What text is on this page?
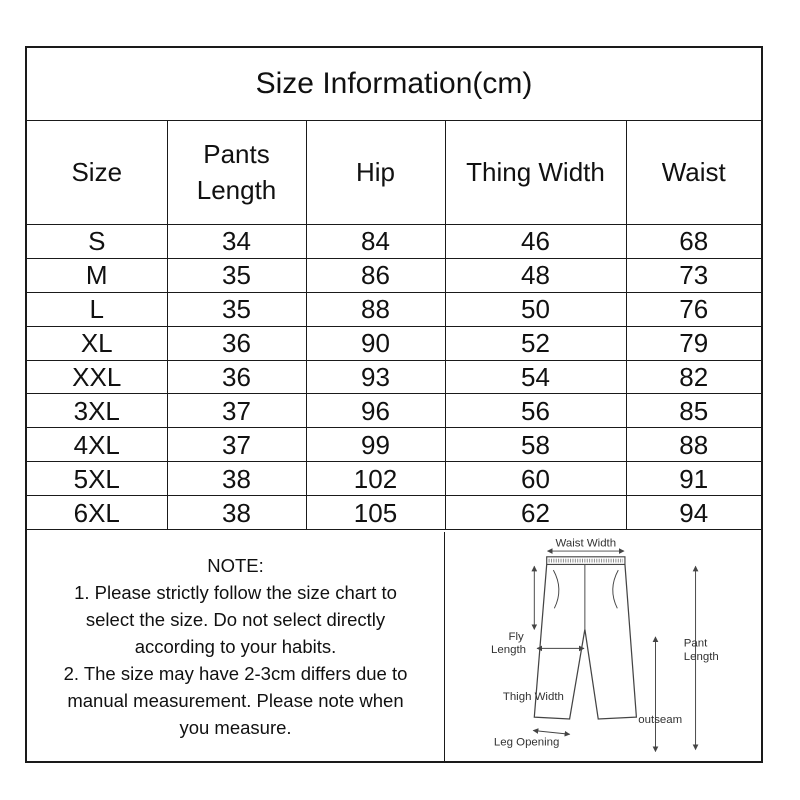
Size Information(cm)
Size	Pants Length	Hip	Thing Width	Waist
S	34	84	46	68
M	35	86	48	73
L	35	88	50	76
XL	36	90	52	79
XXL	36	93	54	82
3XL	37	96	56	85
4XL	37	99	58	88
5XL	38	102	60	91
6XL	38	105	62	94

NOTE:

1. Please strictly follow the size chart to

select the size. Do not select directly

according to your habits.

2. The size may have 2-3cm differs due to

manual measurement. Please note when

you measure.

Waist Width
Fly
Length
Pant
Length
Thigh Width
outseam
Leg Opening
